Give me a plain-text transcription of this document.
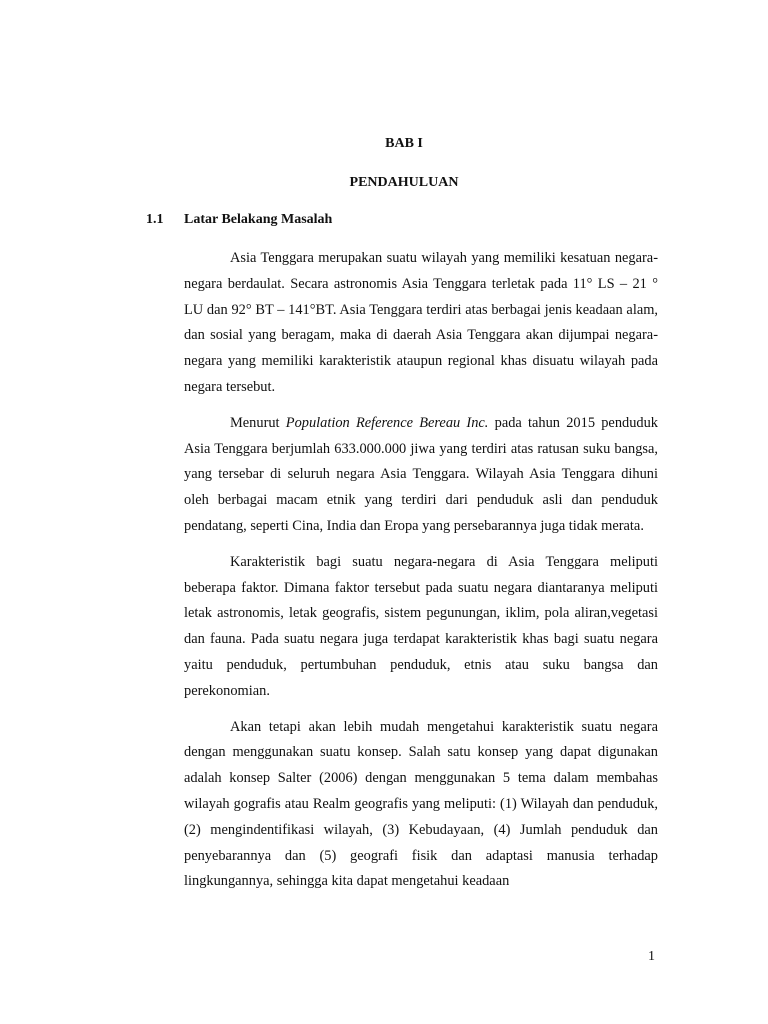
BAB I
PENDAHULUAN
1.1 Latar Belakang Masalah

Asia Tenggara merupakan suatu wilayah yang memiliki kesatuan negara-negara berdaulat. Secara astronomis Asia Tenggara terletak pada 11° LS – 21 ° LU dan 92° BT – 141°BT. Asia Tenggara terdiri atas berbagai jenis keadaan alam, dan sosial yang beragam, maka di daerah Asia Tenggara akan dijumpai negara-negara yang memiliki karakteristik ataupun regional khas disuatu wilayah pada negara tersebut.

Menurut Population Reference Bereau Inc. pada tahun 2015 penduduk Asia Tenggara berjumlah 633.000.000 jiwa yang terdiri atas ratusan suku bangsa, yang tersebar di seluruh negara Asia Tenggara. Wilayah Asia Tenggara dihuni oleh berbagai macam etnik yang terdiri dari penduduk asli dan penduduk pendatang, seperti Cina, India dan Eropa yang persebarannya juga tidak merata.

Karakteristik bagi suatu negara-negara di Asia Tenggara meliputi beberapa faktor. Dimana faktor tersebut pada suatu negara diantaranya meliputi letak astronomis, letak geografis, sistem pegunungan, iklim, pola aliran,vegetasi dan fauna. Pada suatu negara juga terdapat karakteristik khas bagi suatu negara yaitu penduduk, pertumbuhan penduduk, etnis atau suku bangsa dan perekonomian.

Akan tetapi akan lebih mudah mengetahui karakteristik suatu negara dengan menggunakan suatu konsep. Salah satu konsep yang dapat digunakan adalah konsep Salter (2006) dengan menggunakan 5 tema dalam membahas wilayah gografis atau Realm geografis yang meliputi: (1) Wilayah dan penduduk, (2) mengindentifikasi wilayah, (3) Kebudayaan, (4) Jumlah penduduk dan penyebarannya dan (5) geografi fisik dan adaptasi manusia terhadap lingkungannya, sehingga kita dapat mengetahui keadaan

1
